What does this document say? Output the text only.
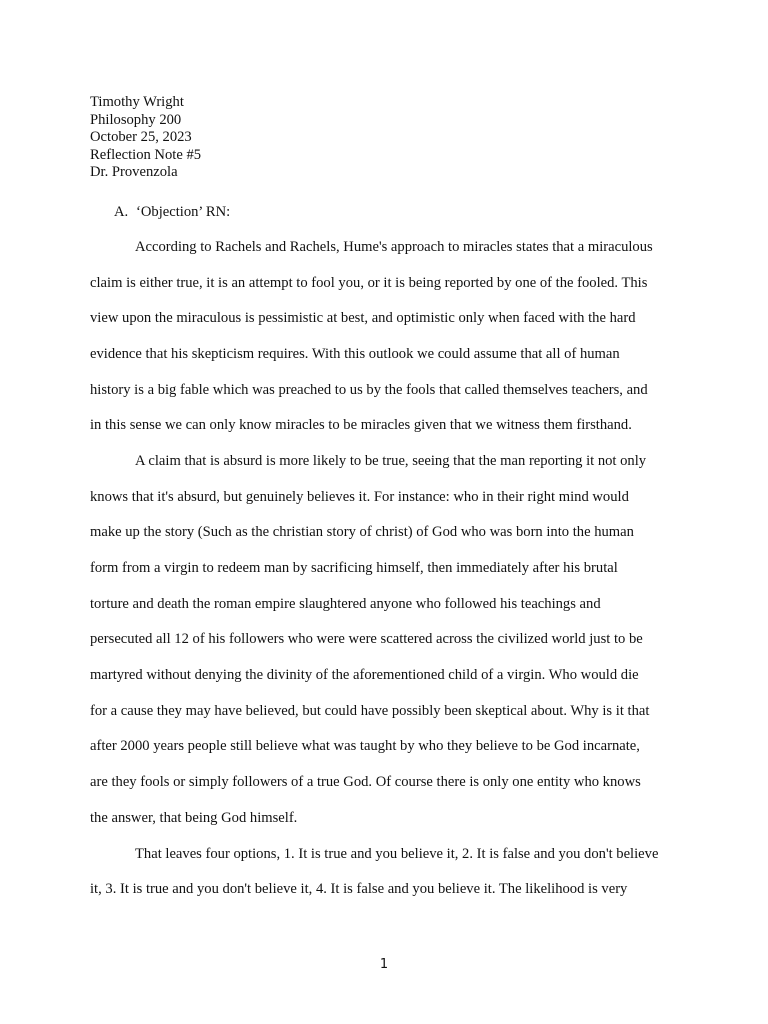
Timothy Wright
Philosophy 200
October 25, 2023
Reflection Note #5
Dr. Provenzola
A. ‘Objection’ RN:
According to Rachels and Rachels, Hume's approach to miracles states that a miraculous
claim is either true, it is an attempt to fool you, or it is being reported by one of the fooled. This
view upon the miraculous is pessimistic at best, and optimistic only when faced with the hard
evidence that his skepticism requires. With this outlook we could assume that all of human
history is a big fable which was preached to us by the fools that called themselves teachers, and
in this sense we can only know miracles to be miracles given that we witness them firsthand.
A claim that is absurd is more likely to be true, seeing that the man reporting it not only
knows that it's absurd, but genuinely believes it. For instance: who in their right mind would
make up the story (Such as the christian story of christ) of God who was born into the human
form from a virgin to redeem man by sacrificing himself, then immediately after his brutal
torture and death the roman empire slaughtered anyone who followed his teachings and
persecuted all 12 of his followers who were were scattered across the civilized world just to be
martyred without denying the divinity of the aforementioned child of a virgin. Who would die
for a cause they may have believed, but could have possibly been skeptical about. Why is it that
after 2000 years people still believe what was taught by who they believe to be God incarnate,
are they fools or simply followers of a true God. Of course there is only one entity who knows
the answer, that being God himself.
That leaves four options, 1. It is true and you believe it, 2. It is false and you don't believe
it, 3. It is true and you don't believe it, 4. It is false and you believe it. The likelihood is very
1
